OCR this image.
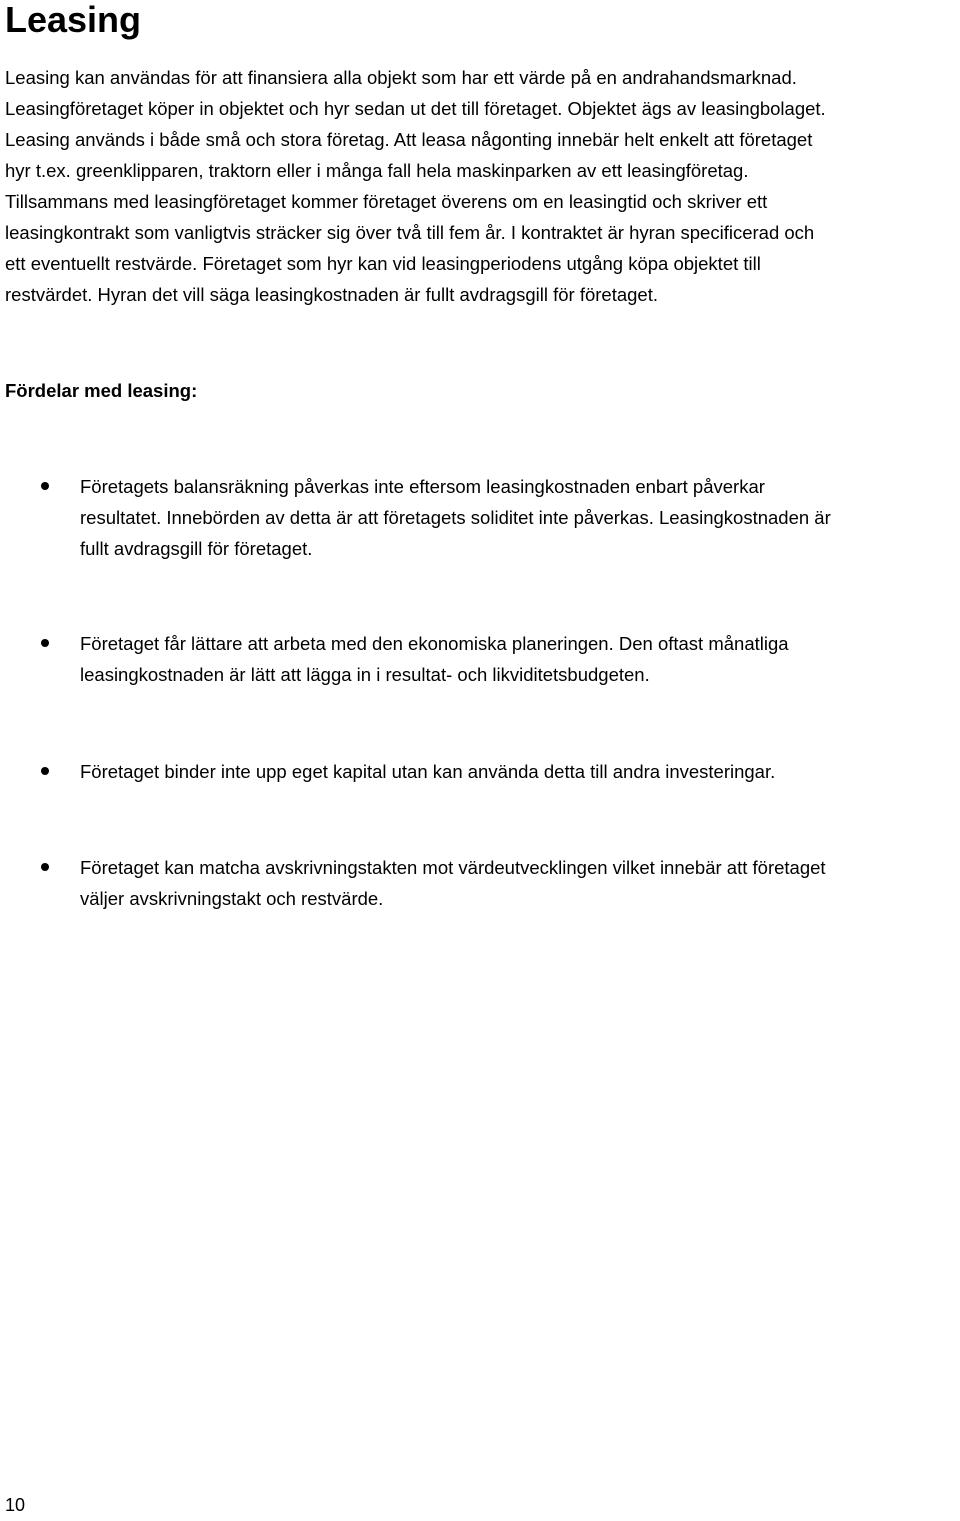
Leasing
Leasing kan användas för att finansiera alla objekt som har ett värde på en andrahandsmarknad.
Leasingföretaget köper in objektet och hyr sedan ut det till företaget. Objektet ägs av leasingbolaget.
Leasing används i både små och stora företag. Att leasa någonting innebär helt enkelt att företaget
hyr t.ex. greenklipparen, traktorn eller i många fall hela maskinparken av ett leasingföretag.
Tillsammans med leasingföretaget kommer företaget överens om en leasingtid och skriver ett
leasingkontrakt som vanligtvis sträcker sig över två till fem år. I kontraktet är hyran specificerad och
ett eventuellt restvärde. Företaget som hyr kan vid leasingperiodens utgång köpa objektet till
restvärdet. Hyran det vill säga leasingkostnaden är fullt avdragsgill för företaget.
Fördelar med leasing:
Företagets balansräkning påverkas inte eftersom leasingkostnaden enbart påverkar
resultatet. Innebörden av detta är att företagets soliditet inte påverkas. Leasingkostnaden är
fullt avdragsgill för företaget.
Företaget får lättare att arbeta med den ekonomiska planeringen. Den oftast månatliga
leasingkostnaden är lätt att lägga in i resultat- och likviditetsbudgeten.
Företaget binder inte upp eget kapital utan kan använda detta till andra investeringar.
Företaget kan matcha avskrivningstakten mot värdeutvecklingen vilket innebär att företaget
väljer avskrivningstakt och restvärde.
10
